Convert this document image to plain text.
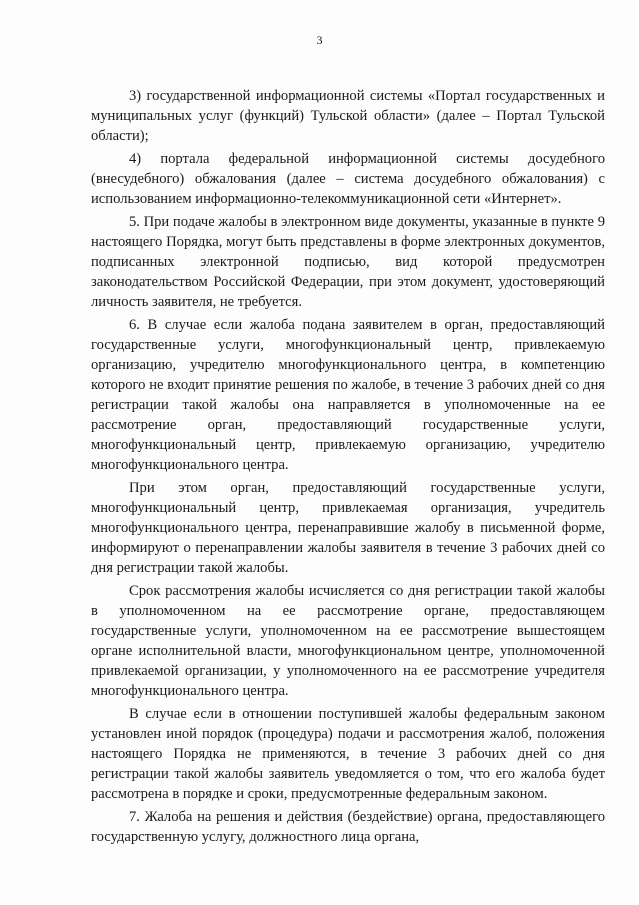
3

3) государственной информационной системы «Портал государственных и муниципальных услуг (функций) Тульской области» (далее – Портал Тульской области);

4) портала федеральной информационной системы досудебного (внесудебного) обжалования (далее – система досудебного обжалования) с использованием информационно-телекоммуникационной сети «Интернет».

5. При подаче жалобы в электронном виде документы, указанные в пункте 9 настоящего Порядка, могут быть представлены в форме электронных документов, подписанных электронной подписью, вид которой предусмотрен законодательством Российской Федерации, при этом документ, удостоверяющий личность заявителя, не требуется.

6. В случае если жалоба подана заявителем в орган, предоставляющий государственные услуги, многофункциональный центр, привлекаемую организацию, учредителю многофункционального центра, в компетенцию которого не входит принятие решения по жалобе, в течение 3 рабочих дней со дня регистрации такой жалобы она направляется в уполномоченные на ее рассмотрение орган, предоставляющий государственные услуги, многофункциональный центр, привлекаемую организацию, учредителю многофункционального центра.

При этом орган, предоставляющий государственные услуги, многофункциональный центр, привлекаемая организация, учредитель многофункционального центра, перенаправившие жалобу в письменной форме, информируют о перенаправлении жалобы заявителя в течение 3 рабочих дней со дня регистрации такой жалобы.

Срок рассмотрения жалобы исчисляется со дня регистрации такой жалобы в уполномоченном на ее рассмотрение органе, предоставляющем государственные услуги, уполномоченном на ее рассмотрение вышестоящем органе исполнительной власти, многофункциональном центре, уполномоченной привлекаемой организации, у уполномоченного на ее рассмотрение учредителя многофункционального центра.

В случае если в отношении поступившей жалобы федеральным законом установлен иной порядок (процедура) подачи и рассмотрения жалоб, положения настоящего Порядка не применяются, в течение 3 рабочих дней со дня регистрации такой жалобы заявитель уведомляется о том, что его жалоба будет рассмотрена в порядке и сроки, предусмотренные федеральным законом.

7. Жалоба на решения и действия (бездействие) органа, предоставляющего государственную услугу, должностного лица органа,
